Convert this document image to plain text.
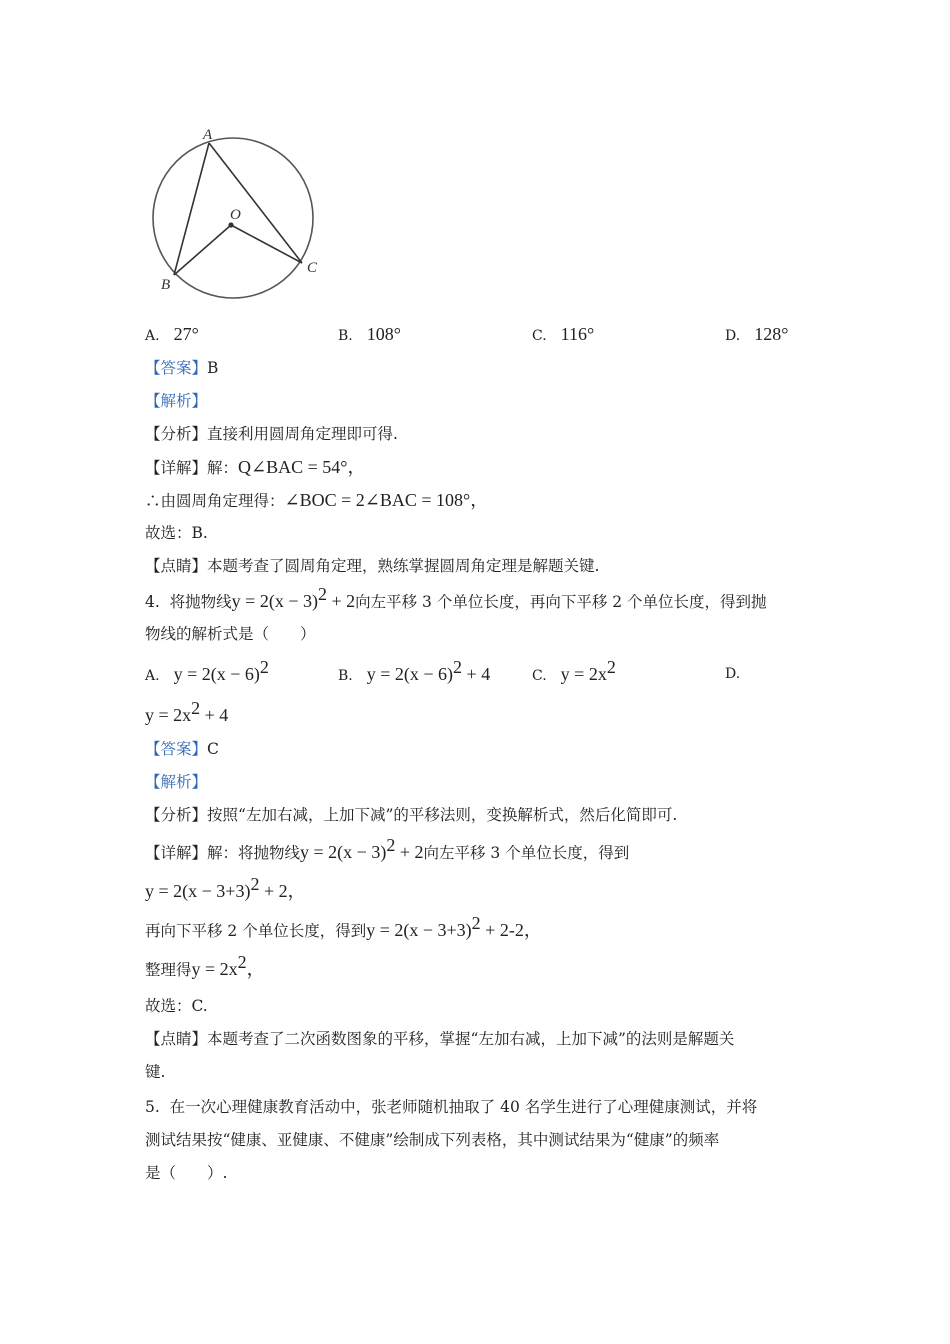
A
O
B
C
A. 27°	B. 108°	C. 116°	D. 128°
【答案】B
【解析】
【分析】直接利用圆周角定理即可得.
【详解】解：Q∠BAC = 54°，
∴由圆周角定理得：∠BOC = 2∠BAC = 108°，
故选：B.
【点睛】本题考查了圆周角定理，熟练掌握圆周角定理是解题关键.
4. 将抛物线$y = 2(x - 3)^2 + 2$向左平移 3 个单位长度，再向下平移 2 个单位长度，得到抛
物线的解析式是（　　）
A. $y = 2(x - 6)^2$	B. $y = 2(x - 6)^2 + 4$	C. $y = 2x^2$	D.
$y = 2x^2 + 4$
【答案】C
【解析】
【分析】按照“左加右减，上加下减”的平移法则，变换解析式，然后化简即可.
【详解】解：将抛物线$y = 2(x - 3)^2 + 2$向左平移 3 个单位长度，得到
$y = 2(x - 3+3)^2 + 2$，
再向下平移 2 个单位长度，得到$y = 2(x - 3+3)^2 + 2-2$，
整理得$y = 2x^2$，
故选：C.
【点睛】本题考查了二次函数图象的平移，掌握“左加右减，上加下减”的法则是解题关
键.
5. 在一次心理健康教育活动中，张老师随机抽取了 40 名学生进行了心理健康测试，并将
测试结果按“健康、亚健康、不健康”绘制成下列表格，其中测试结果为“健康”的频率
是（　　）.
